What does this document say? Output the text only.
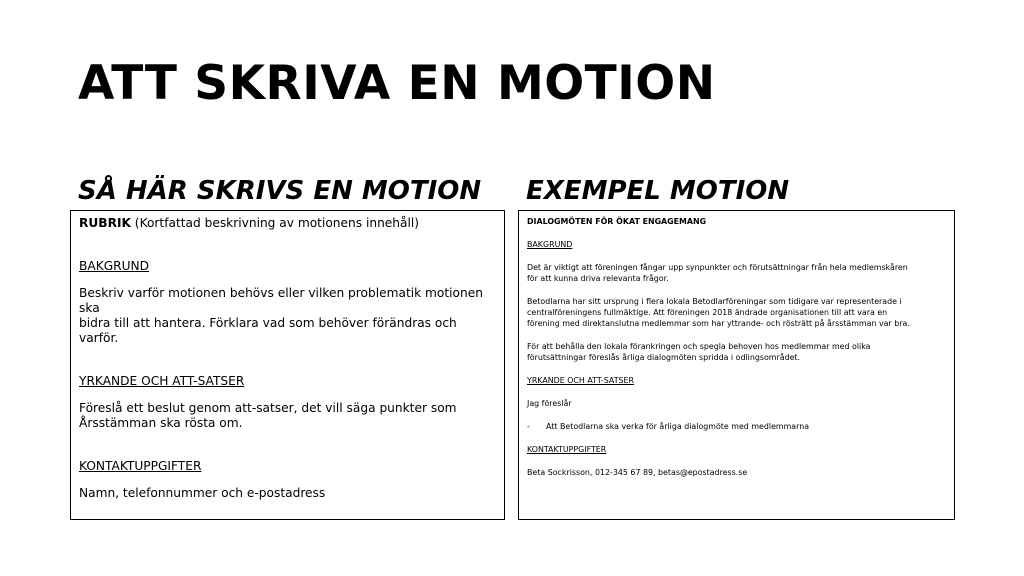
ATT SKRIVA EN MOTION
SÅ HÄR SKRIVS EN MOTION EXEMPEL MOTION

RUBRIK (Kortfattad beskrivning av motionens innehåll)

BAKGRUND

Beskriv varför motionen behövs eller vilken problematik motionen ska

bidra till att hantera. Förklara vad som behöver förändras och varför.

YRKANDE OCH ATT-SATSER

Föreslå ett beslut genom att-satser, det vill säga punkter som

Årsstämman ska rösta om.

KONTAKTUPPGIFTER

Namn, telefonnummer och e-postadress

DIALOGMÖTEN FÖR ÖKAT ENGAGEMANG

BAKGRUND

Det är viktigt att föreningen fångar upp synpunkter och förutsättningar från hela medlemskåren

för att kunna driva relevanta frågor.

Betodlarna har sitt ursprung i flera lokala Betodlarföreningar som tidigare var representerade i

centralföreningens fullmäktige. Att föreningen 2018 ändrade organisationen till att vara en

förening med direktanslutna medlemmar som har yttrande- och rösträtt på årsstämman var bra.

För att behålla den lokala förankringen och spegla behoven hos medlemmar med olika

förutsättningar föreslås årliga dialogmöten spridda i odlingsområdet.

YRKANDE OCH ATT-SATSER

Jag föreslår

-	Att Betodlarna ska verka för årliga dialogmöte med medlemmarna

KONTAKTUPPGIFTER

Beta Sockrisson, 012-345 67 89, betas@epostadress.se
